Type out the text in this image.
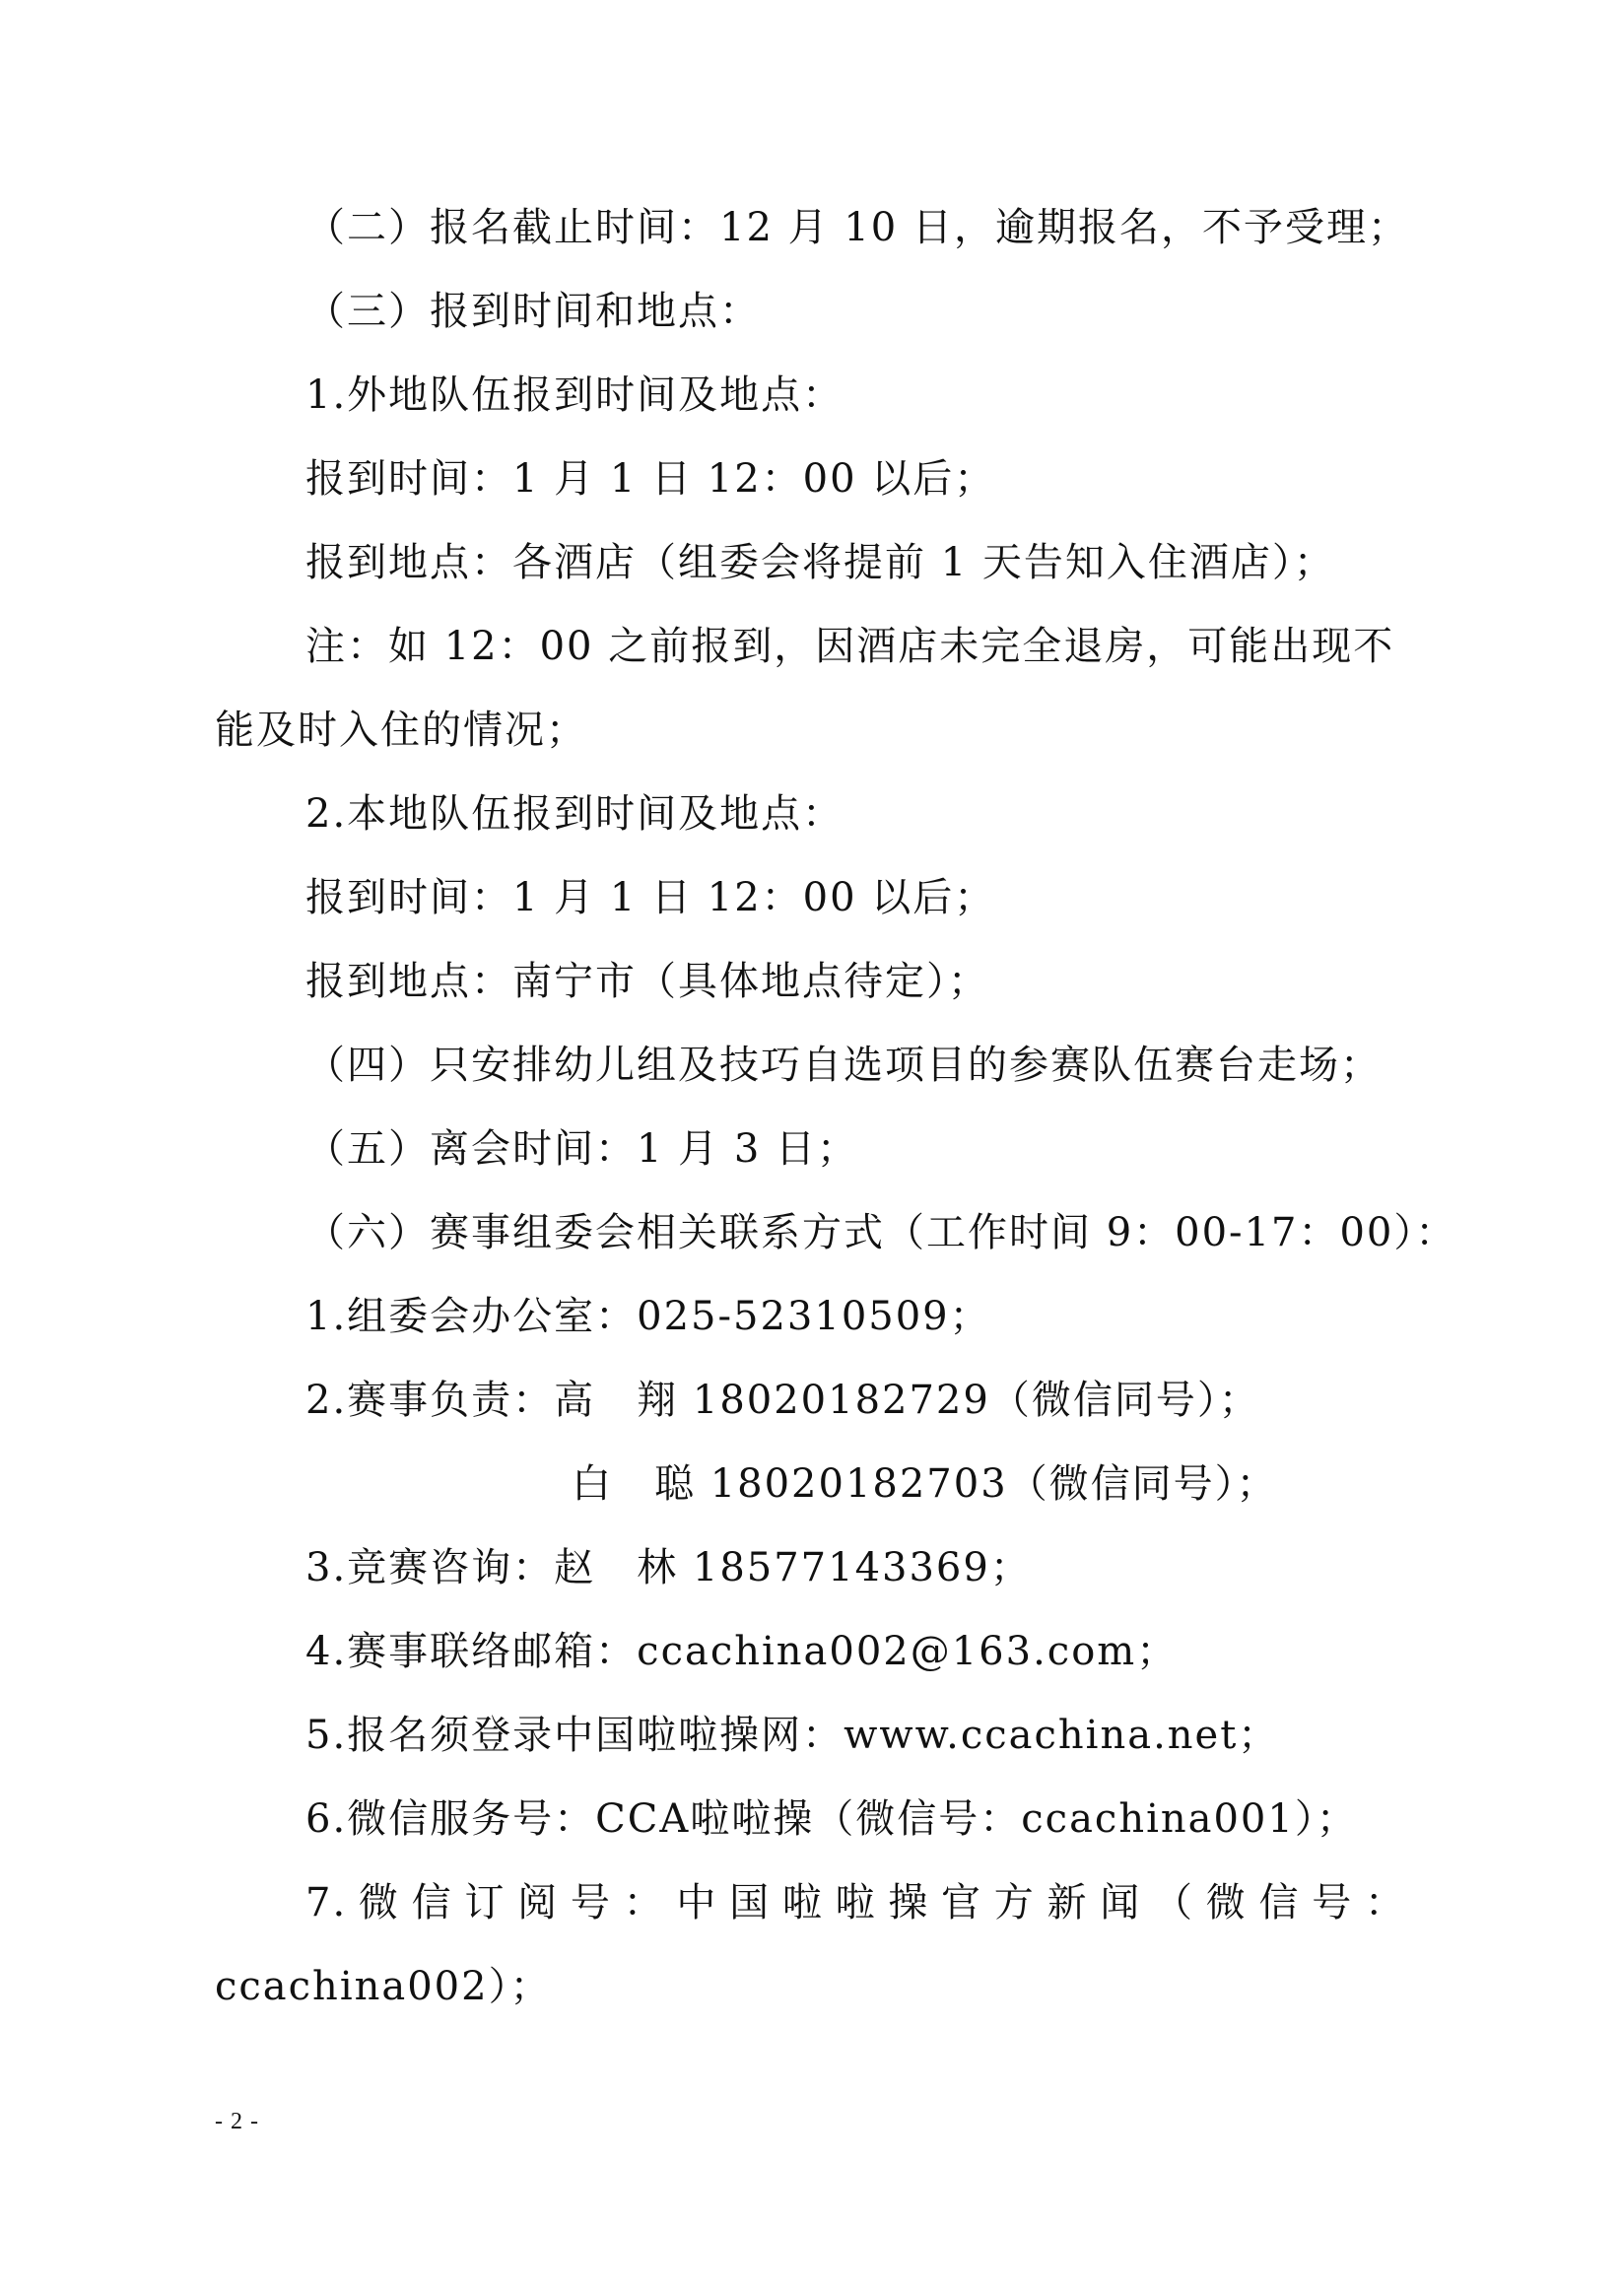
（二）报名截止时间：12 月 10 日，逾期报名，不予受理；
（三）报到时间和地点：
1.外地队伍报到时间及地点：
报到时间：1 月 1 日 12：00 以后；
报到地点：各酒店（组委会将提前 1 天告知入住酒店）；
注：如 12：00 之前报到，因酒店未完全退房，可能出现不
能及时入住的情况；
2.本地队伍报到时间及地点：
报到时间：1 月 1 日 12：00 以后；
报到地点：南宁市（具体地点待定）；
（四）只安排幼儿组及技巧自选项目的参赛队伍赛台走场；
（五）离会时间：1 月 3 日；
（六）赛事组委会相关联系方式（工作时间 9：00-17：00）：
1.组委会办公室：025-52310509；
2.赛事负责：高　翔 18020182729（微信同号）；
白　聪 18020182703（微信同号）；
3.竞赛咨询：赵　林 18577143369；
4.赛事联络邮箱：ccachina002@163.com；
5.报名须登录中国啦啦操网：www.ccachina.net；
6.微信服务号：CCA啦啦操（微信号：ccachina001）；
7.微信订阅号：中国啦啦操官方新闻（微信号：
ccachina002）；
- 2 -
